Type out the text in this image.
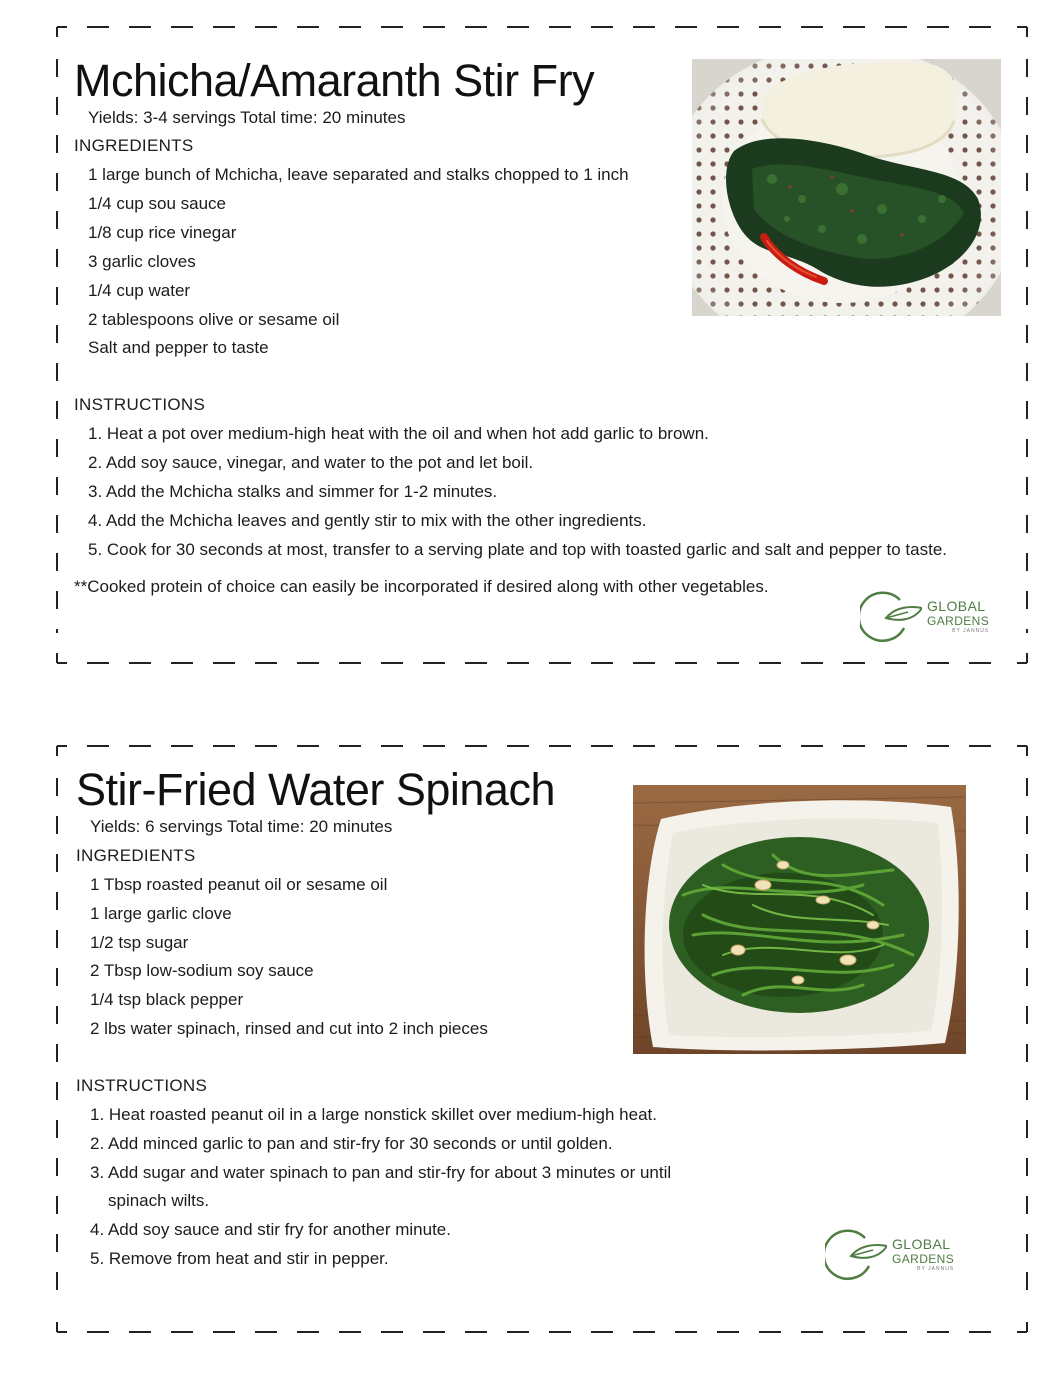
Mchicha/Amaranth Stir Fry
Yields: 3-4 servings Total time: 20 minutes
INGREDIENTS
1 large bunch of Mchicha, leave separated and stalks chopped to 1 inch
1/4 cup sou sauce
1/8 cup rice vinegar
3 garlic cloves
1/4 cup water
2 tablespoons olive or sesame oil
Salt and pepper to taste
INSTRUCTIONS
1. Heat a pot over medium-high heat with the oil and when hot add garlic to brown.
2. Add soy sauce, vinegar, and water to the pot and let boil.
3. Add the Mchicha stalks and simmer for 1-2 minutes.
4. Add the Mchicha leaves and gently stir to mix with the other ingredients.
5. Cook for 30 seconds at most, transfer to a serving plate and top with toasted garlic and salt and pepper to taste.
**Cooked protein of choice can easily be incorporated if desired along with other vegetables.
GLOBAL
GARDENS
BY JANNUS
Stir-Fried Water Spinach
Yields: 6 servings Total time: 20 minutes
INGREDIENTS
1 Tbsp roasted peanut oil or sesame oil
1 large garlic clove
1/2 tsp sugar
2 Tbsp low-sodium soy sauce
1/4 tsp black pepper
2 lbs water spinach, rinsed and cut into 2 inch pieces
INSTRUCTIONS
1. Heat roasted peanut oil in a large nonstick skillet over medium-high heat.
2. Add minced garlic to pan and stir-fry for 30 seconds or until golden.
3. Add sugar and water spinach to pan and stir-fry for about 3 minutes or until
spinach wilts.
4. Add soy sauce and stir fry for another minute.
5. Remove from heat and stir in pepper.
GLOBAL
GARDENS
BY JANNUS
